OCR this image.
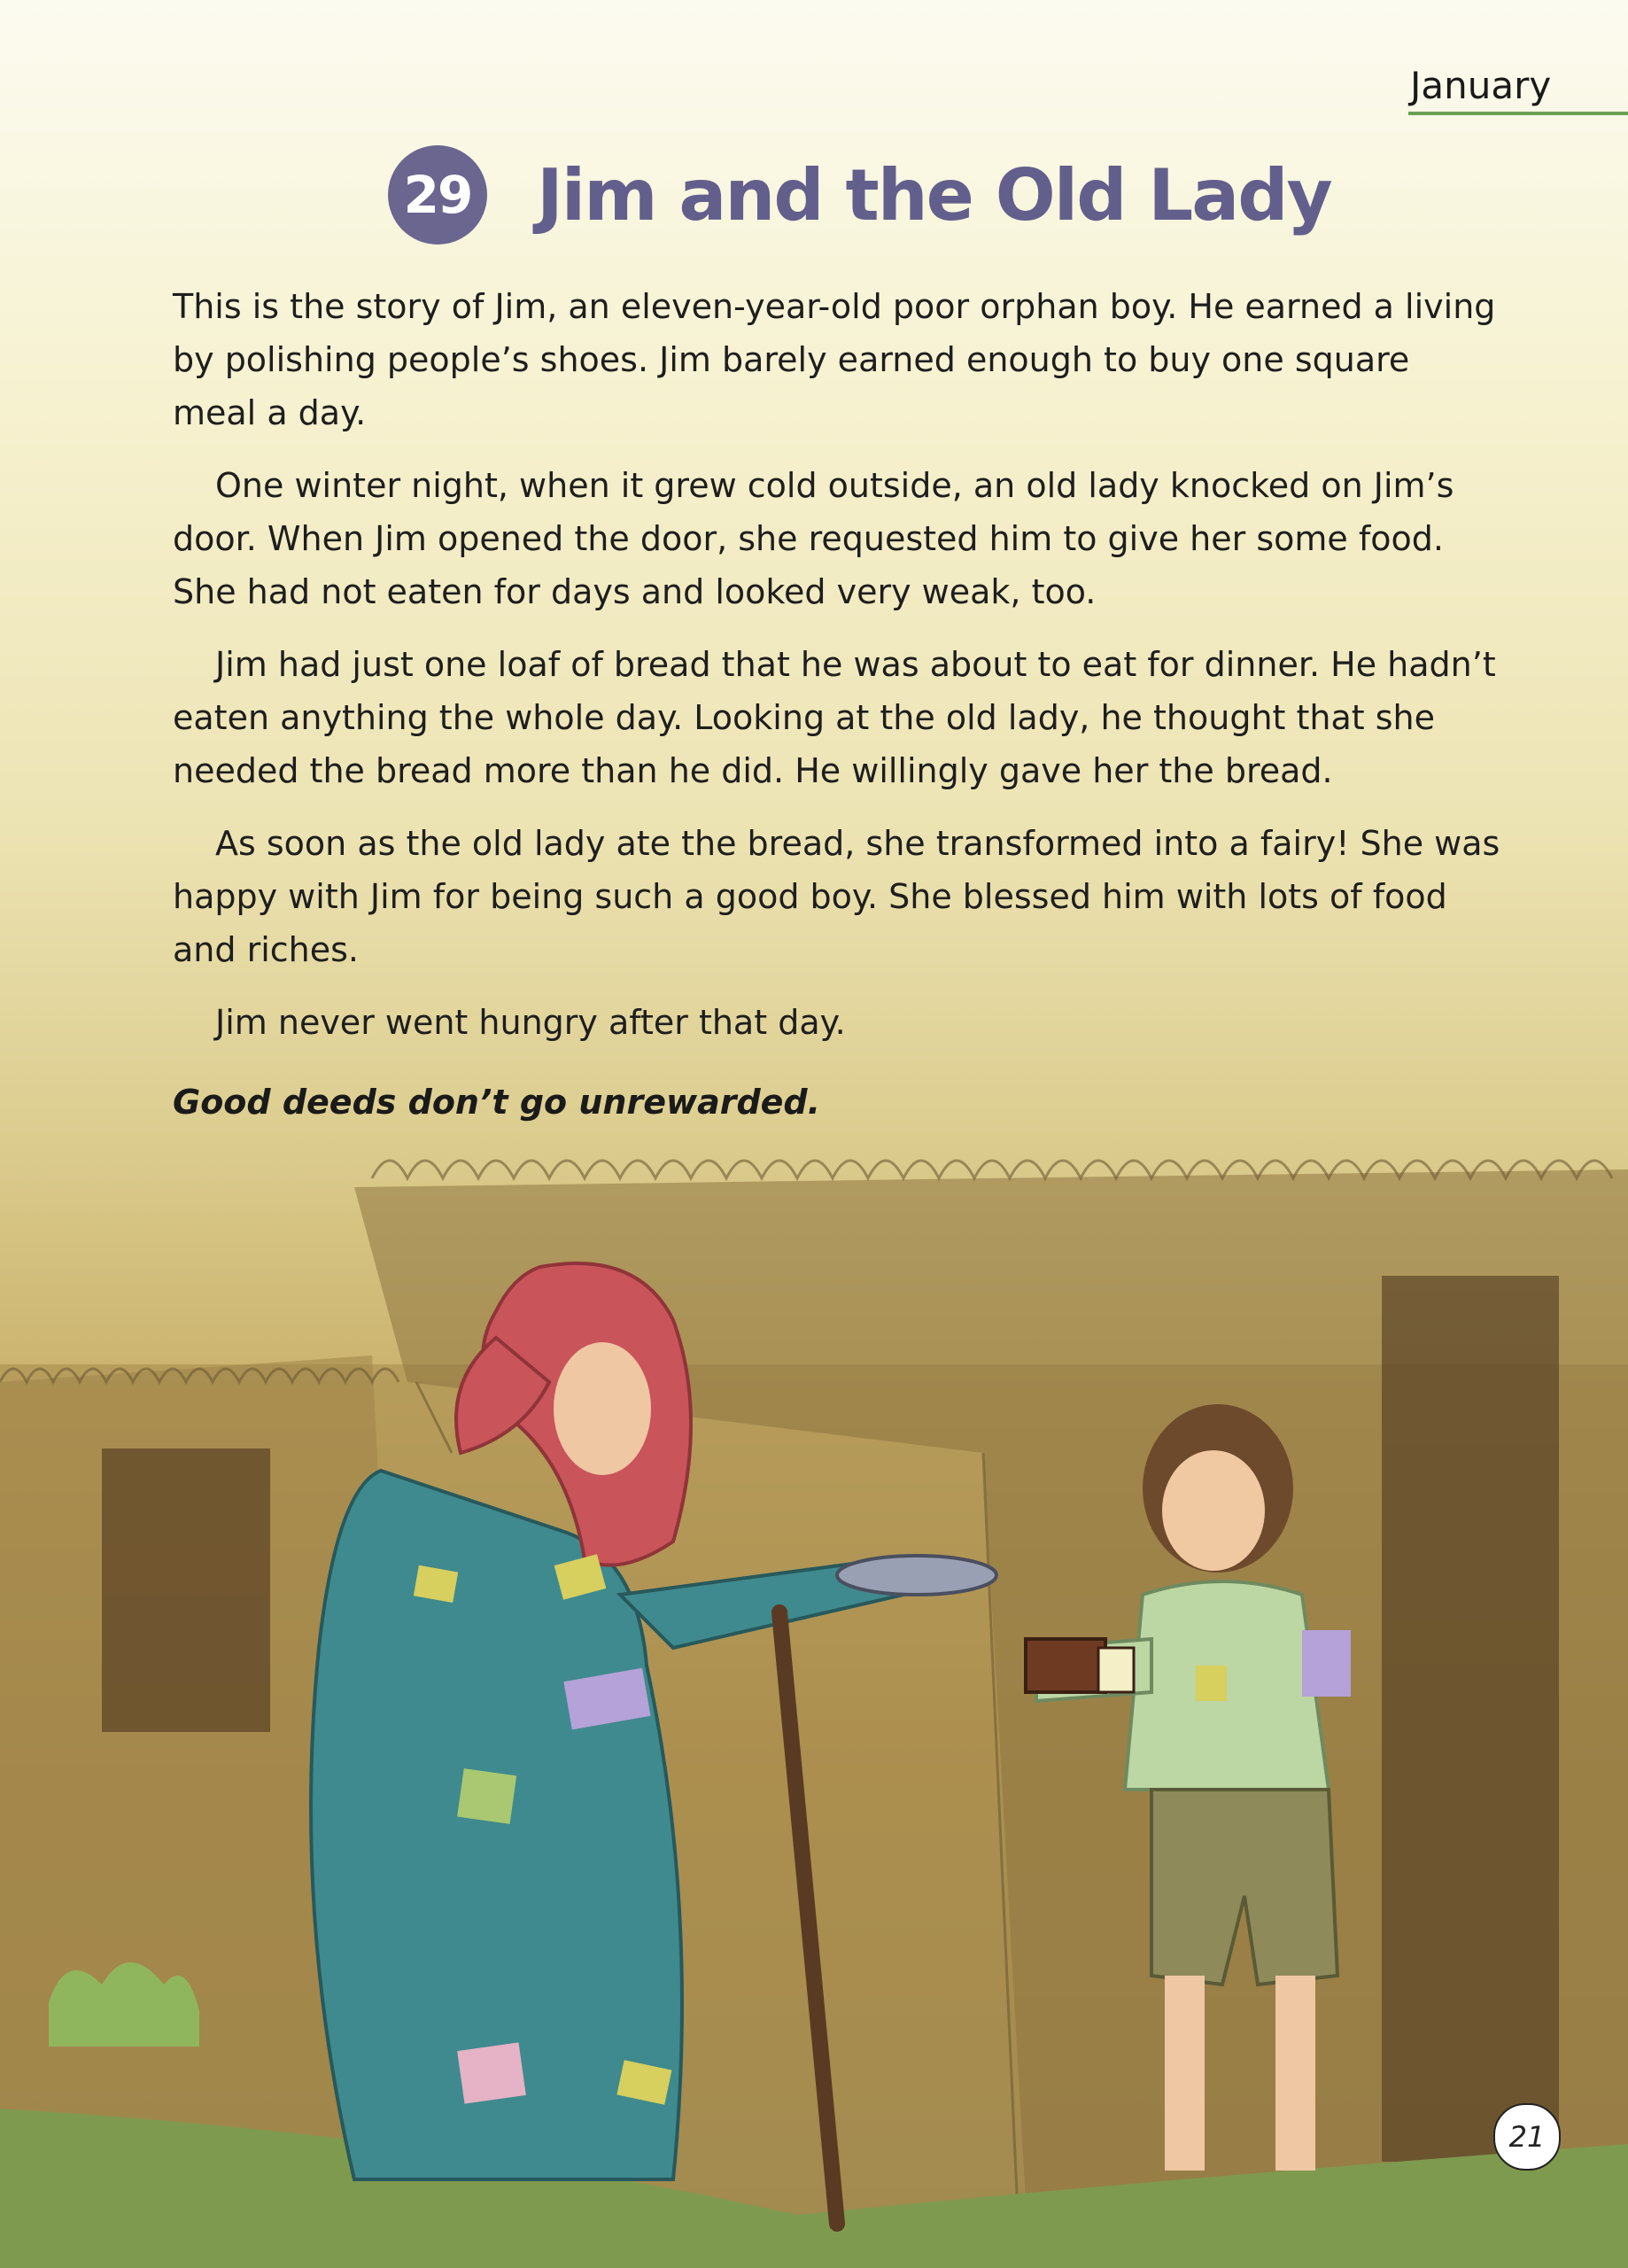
January
29 Jim and the Old Lady

This is the story of Jim, an eleven-year-old poor orphan boy. He earned a living by polishing people’s shoes. Jim barely earned enough to buy one square meal a day.

One winter night, when it grew cold outside, an old lady knocked on Jim’s door. When Jim opened the door, she requested him to give her some food. She had not eaten for days and looked very weak, too.

Jim had just one loaf of bread that he was about to eat for dinner. He hadn’t eaten anything the whole day. Looking at the old lady, he thought that she needed the bread more than he did. He willingly gave her the bread.

As soon as the old lady ate the bread, she transformed into a fairy! She was happy with Jim for being such a good boy. She blessed him with lots of food and riches.

Jim never went hungry after that day.

Good deeds don’t go unrewarded.
21
